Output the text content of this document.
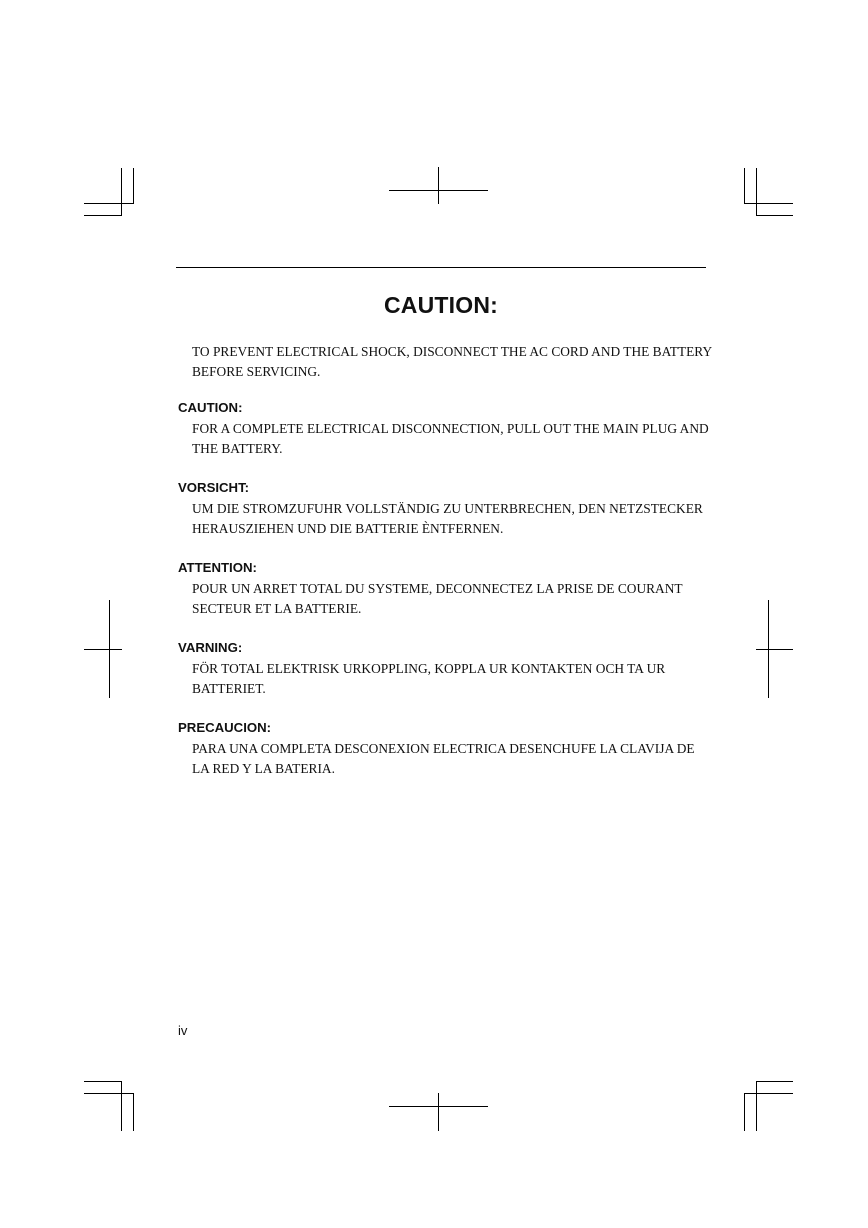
CAUTION:
TO PREVENT ELECTRICAL SHOCK, DISCONNECT THE AC CORD AND THE BATTERY BEFORE SERVICING.
CAUTION:
FOR A COMPLETE ELECTRICAL DISCONNECTION, PULL OUT THE MAIN PLUG AND THE BATTERY.
VORSICHT:
UM DIE STROMZUFUHR VOLLSTÄNDIG ZU UNTERBRECHEN, DEN NETZSTECKER HERAUSZIEHEN UND DIE BATTERIE ÈNTFERNEN.
ATTENTION:
POUR UN ARRET TOTAL DU SYSTEME, DECONNECTEZ LA PRISE DE COURANT SECTEUR ET LA BATTERIE.
VARNING:
FÖR TOTAL ELEKTRISK URKOPPLING, KOPPLA UR KONTAKTEN OCH TA UR BATTERIET.
PRECAUCION:
PARA UNA COMPLETA DESCONEXION ELECTRICA DESENCHUFE LA CLAVIJA DE LA RED Y LA BATERIA.
iv
